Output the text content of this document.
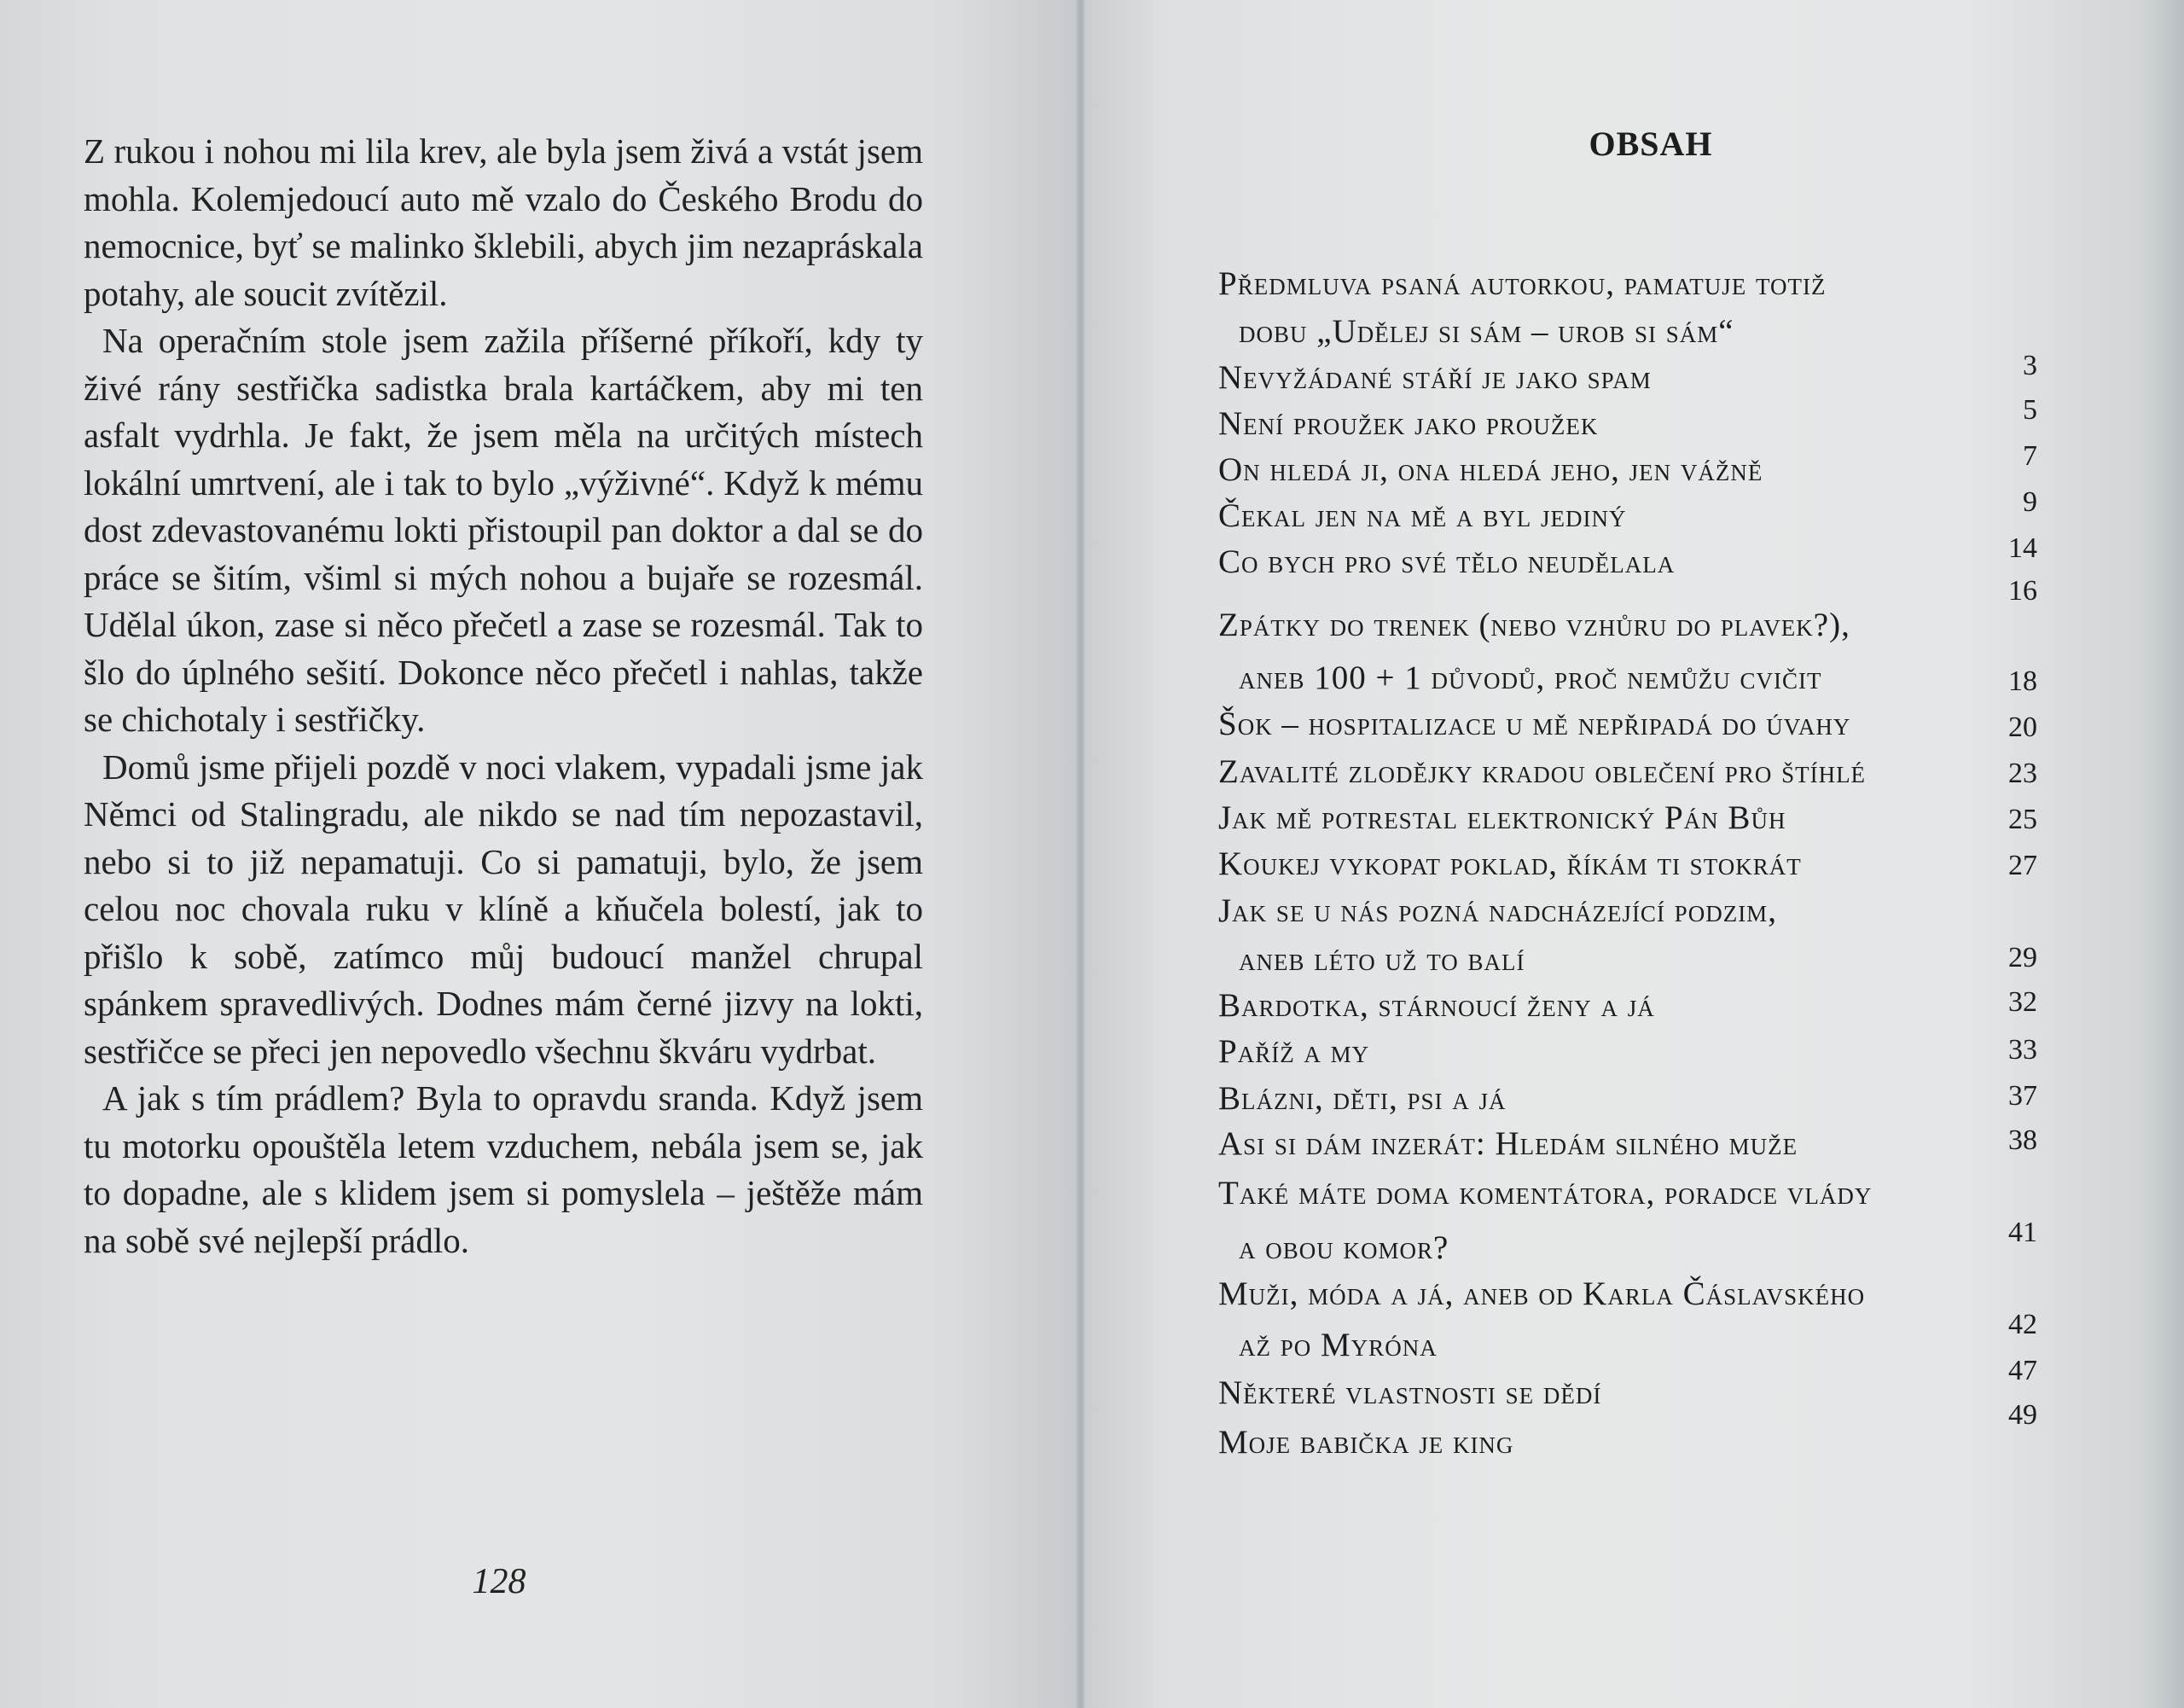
Z rukou i nohou mi lila krev, ale byla jsem živá a vstát jsem mohla. Kolemjedoucí auto mě vzalo do Českého Brodu do nemocnice, byť se malinko šklebili, abych jim nezapráskala potahy, ale soucit zvítězil.

Na operačním stole jsem zažila příšerné příkoří, kdy ty živé rány sestřička sadistka brala kartáčkem, aby mi ten asfalt vydrhla. Je fakt, že jsem měla na určitých místech lokální umrtvení, ale i tak to bylo „výživné“. Když k mému dost zdevastovanému lokti přistoupil pan doktor a dal se do práce se šitím, všiml si mých nohou a bujaře se rozesmál. Udělal úkon, zase si něco přečetl a zase se rozesmál. Tak to šlo do úplného sešití. Dokonce něco přečetl i nahlas, takže se chichotaly i sestřičky.

Domů jsme přijeli pozdě v noci vlakem, vypadali jsme jak Němci od Stalingradu, ale nikdo se nad tím nepozastavil, nebo si to již nepamatuji. Co si pamatuji, bylo, že jsem celou noc chovala ruku v klíně a kňučela bolestí, jak to přišlo k sobě, zatímco můj budoucí manžel chrupal spánkem spravedlivých. Dodnes mám černé jizvy na lokti, sestřičce se přeci jen nepovedlo všechnu škváru vydrbat.

A jak s tím prádlem? Byla to opravdu sranda. Když jsem tu motorku opouštěla letem vzduchem, nebála jsem se, jak to dopadne, ale s klidem jsem si pomyslela – ještěže mám na sobě své nejlepší prádlo.

128
OBSAH
Předmluva psaná autorkou, pamatuje totiž
dobu „Udělej si sám – urob si sám“
Nevyžádané stáří je jako spam
Není proužek jako proužek
On hledá ji, ona hledá jeho, jen vážně
Čekal jen na mě a byl jediný
Co bych pro své tělo neudělala
Zpátky do trenek (nebo vzhůru do plavek?),
aneb 100 + 1 důvodů, proč nemůžu cvičit
Šok – hospitalizace u mě nepřipadá do úvahy
Zavalité zlodějky kradou oblečení pro štíhlé
Jak mě potrestal elektronický Pán Bůh
Koukej vykopat poklad, říkám ti stokrát
Jak se u nás pozná nadcházející podzim,
aneb léto už to balí
Bardotka, stárnoucí ženy a já
Paříž a my
Blázni, děti, psi a já
Asi si dám inzerát: Hledám silného muže
Také máte doma komentátora, poradce vlády
a obou komor?
Muži, móda a já, aneb od Karla Čáslavského
až po Myróna
Některé vlastnosti se dědí
Moje babička je king
3
5
7
9
14
16
18
20
23
25
27
29
32
33
37
38
41
42
47
49
